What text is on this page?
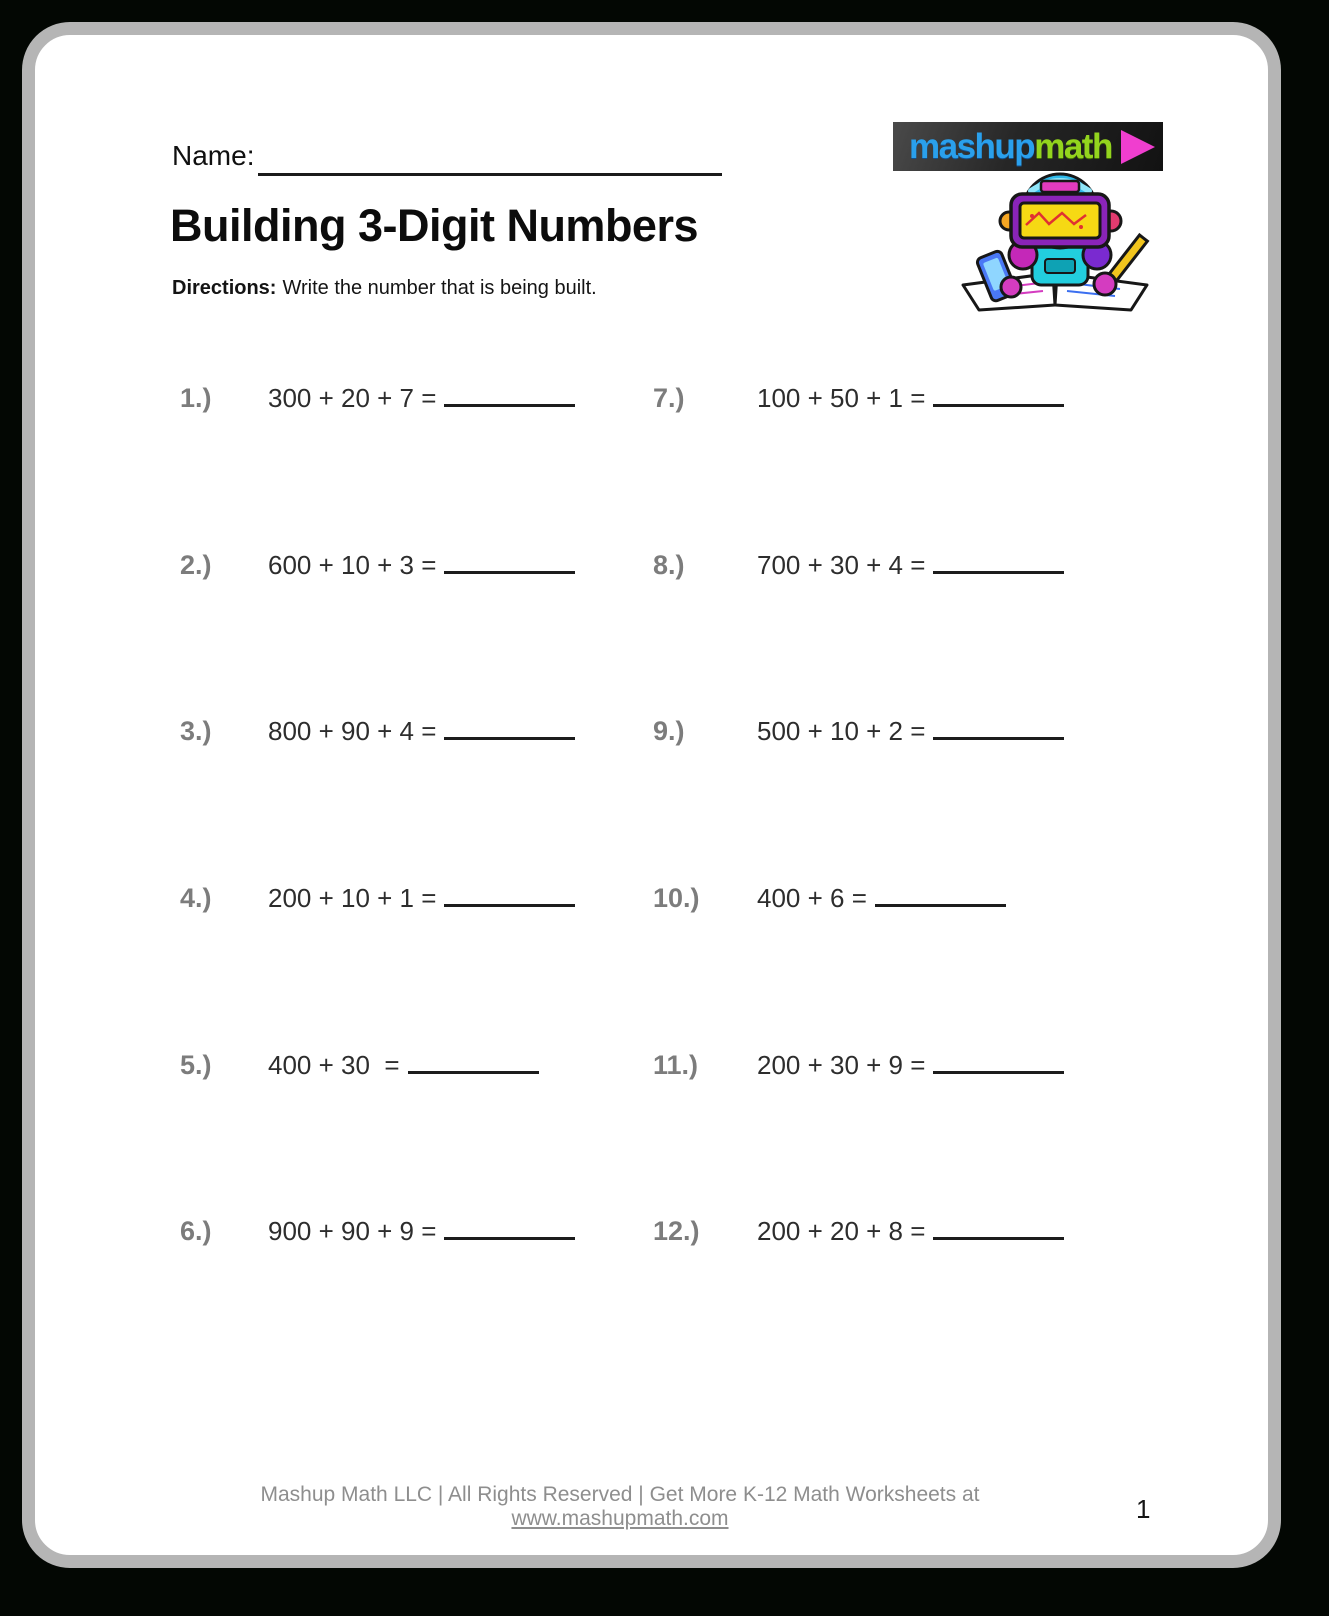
Name:
Building 3-Digit Numbers
Directions: Write the number that is being built.
mashup math
1.)	300 + 20 + 7 =
2.)	600 + 10 + 3 =
3.)	800 + 90 + 4 =
4.)	200 + 10 + 1 =
5.)	400 + 30  =
6.)	900 + 90 + 9 =
7.)	100 + 50 + 1 =
8.)	700 + 30 + 4 =
9.)	500 + 10 + 2 =
10.)	400 + 6 =
11.)	200 + 30 + 9 =
12.)	200 + 20 + 8 =
Mashup Math LLC | All Rights Reserved | Get More K-12 Math Worksheets at www.mashupmath.com	1
